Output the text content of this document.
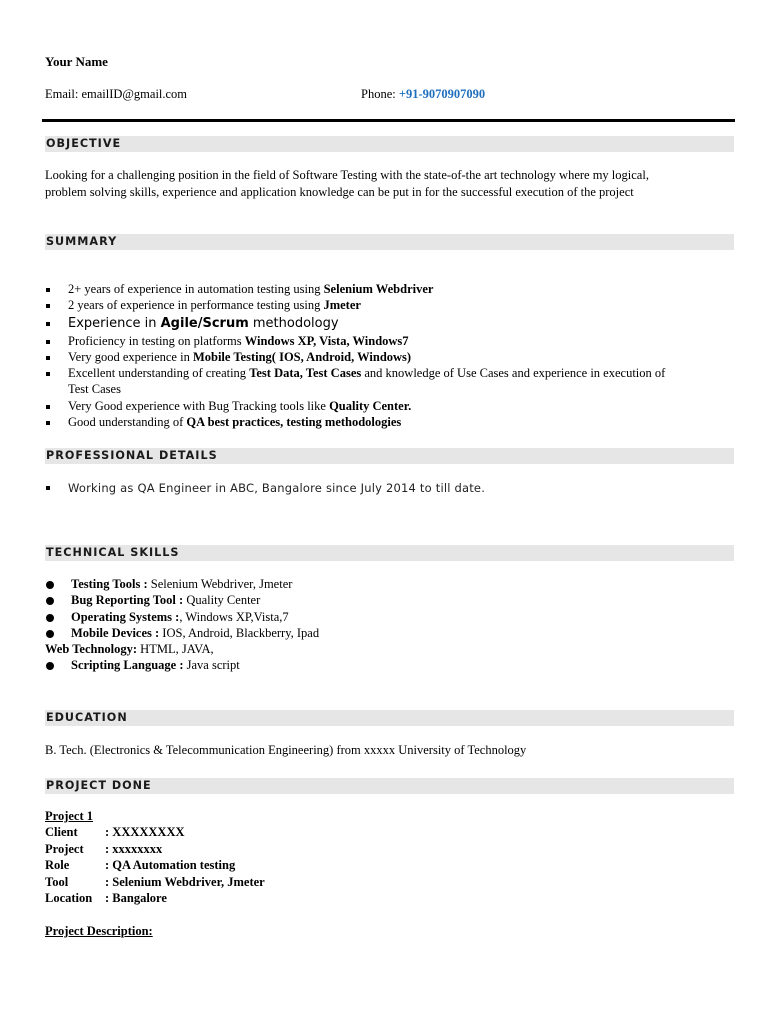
Your Name
Email: emailID@gmail.com	Phone: +91-9070907090
OBJECTIVE
Looking for a challenging position in the field of Software Testing with the state-of-the art technology where my logical,
problem solving skills, experience and application knowledge can be put in for the successful execution of the project
SUMMARY
2+ years of experience in automation testing using Selenium Webdriver
2 years of experience in performance testing using Jmeter
Experience in Agile/Scrum methodology
Proficiency in testing on platforms Windows XP, Vista, Windows7
Very good experience in Mobile Testing( IOS, Android, Windows)
Excellent understanding of creating Test Data, Test Cases and knowledge of Use Cases and experience in execution of
Test Cases
Very Good experience with Bug Tracking tools like Quality Center.
Good understanding of QA best practices, testing methodologies
PROFESSIONAL DETAILS
Working as QA Engineer in ABC, Bangalore since July 2014 to till date.
TECHNICAL SKILLS
Testing Tools : Selenium Webdriver, Jmeter
Bug Reporting Tool : Quality Center
Operating Systems :, Windows XP,Vista,7
Mobile Devices : IOS, Android, Blackberry, Ipad
Web Technology: HTML, JAVA,
Scripting Language : Java script
EDUCATION
B. Tech. (Electronics & Telecommunication Engineering) from xxxxx University of Technology
PROJECT DONE
Project 1
Client : XXXXXXXX
Project : xxxxxxxx
Role	: QA Automation testing
Tool	: Selenium Webdriver, Jmeter
Location : Bangalore
Project Description:
